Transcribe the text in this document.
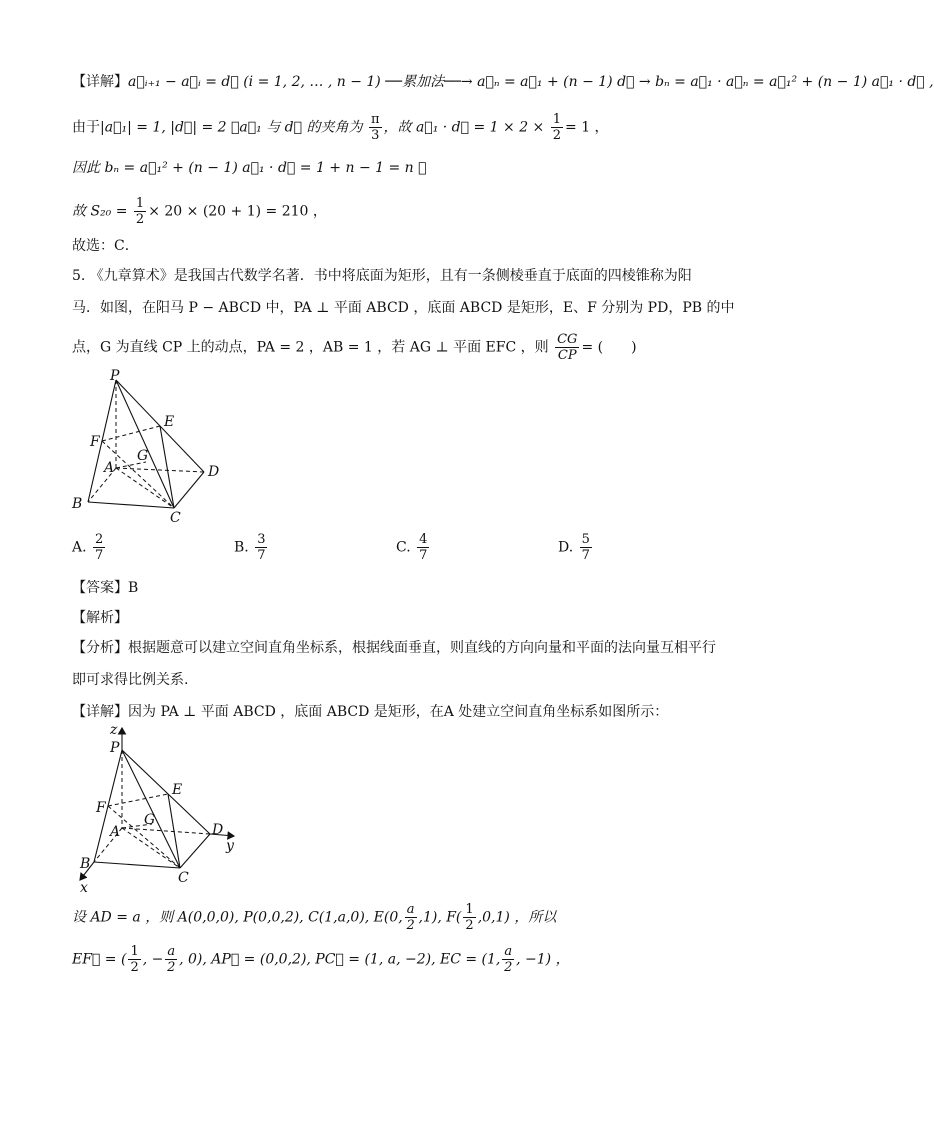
【详解】a⃗ᵢ₊₁ − a⃗ᵢ = d⃗ (i = 1, 2, … , n − 1) ──累加法──→ a⃗ₙ = a⃗₁ + (n − 1) d⃗ → bₙ = a⃗₁ · a⃗ₙ = a⃗₁² + (n − 1) a⃗₁ · d⃗ ,
由于|a⃗₁| = 1, |d⃗| = 2 ，a⃗₁ 与 d⃗ 的夹角为 $\frac{\pi}{3}$ ，故 a⃗₁ · d⃗ = $1 \times 2 \times \frac{1}{2} = 1$ ，
因此 bₙ = a⃗₁² + (n − 1) a⃗₁ · d⃗ = 1 + n − 1 = n ，
故 $S_{20} = \frac{1}{2} \times 20 \times (20 + 1) = 210$ ，
故选：C．
5. 《九章算术》是我国古代数学名著．书中将底面为矩形，且有一条侧棱垂直于底面的四棱锥称为阳
马．如图，在阳马 P − ABCD 中，PA ⊥ 平面 ABCD ，底面 ABCD 是矩形，E、F 分别为 PD，PB 的中
点，G 为直线 CP 上的动点，PA = 2 ，AB = 1 ，若 AG ⊥ 平面 EFC ，则 $\frac{CG}{CP}$ = (　　)
P
E
F
G
A	D
B
C
A. $\frac{2}{7}$	B. $\frac{3}{7}$	C. $\frac{4}{7}$	D. $\frac{5}{7}$
【答案】B
【解析】
【分析】根据题意可以建立空间直角坐标系，根据线面垂直，则直线的方向向量和平面的法向量互相平行
即可求得比例关系.
【详解】因为 PA ⊥ 平面 ABCD ，底面 ABCD 是矩形，在A 处建立空间直角坐标系如图所示：
z
P
E
F
G
A	D
y
B
C
x
设 AD = a ，则 A(0,0,0), P(0,0,2), C(1,a,0), E(0, $\frac{a}{2} ,1$), $F( \frac{1}{2} ,0,1)$ ，所以
EF⃗ = ( $\frac{1}{2}$ , − $\frac{a}{2}$ , 0), AP⃗ = (0,0,2), PC⃗ = (1, a, −2), EC = (1, $\frac{a}{2}$ , −1) ，
